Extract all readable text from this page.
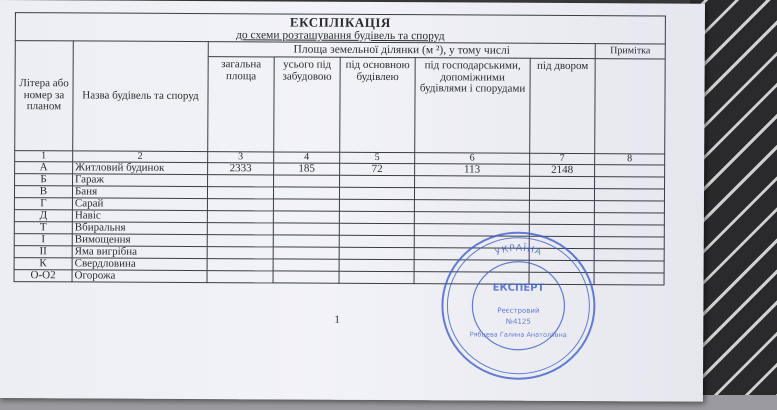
ЕКСПЛІКАЦІЯ
до схеми розташування будівель та споруд							

Літера або номер за планом	Назва будівель та споруд	Площа земельної ділянки (м ²), у тому числі					Примітка
		загальна площа	усього під забудовою	під основною будівлею	під господарськими, допоміжними будівлями і спорудами	під двором	
1	2	3	4	5	6	7	8
А	Житловий будинок	2333	185	72	113	2148	
Б	Гараж						
В	Баня						
Г	Сарай						
Д	Навіс						
Т	Вбиральня						
І	Вимощення						
ІІ	Яма вигрібна						
К	Свердловина						
О-О2	Огорожа						
1
УКРАЇНА
ЕКСПЕРТ
Реєстровий
№4125
Рябцева Галина Анатоліївна
